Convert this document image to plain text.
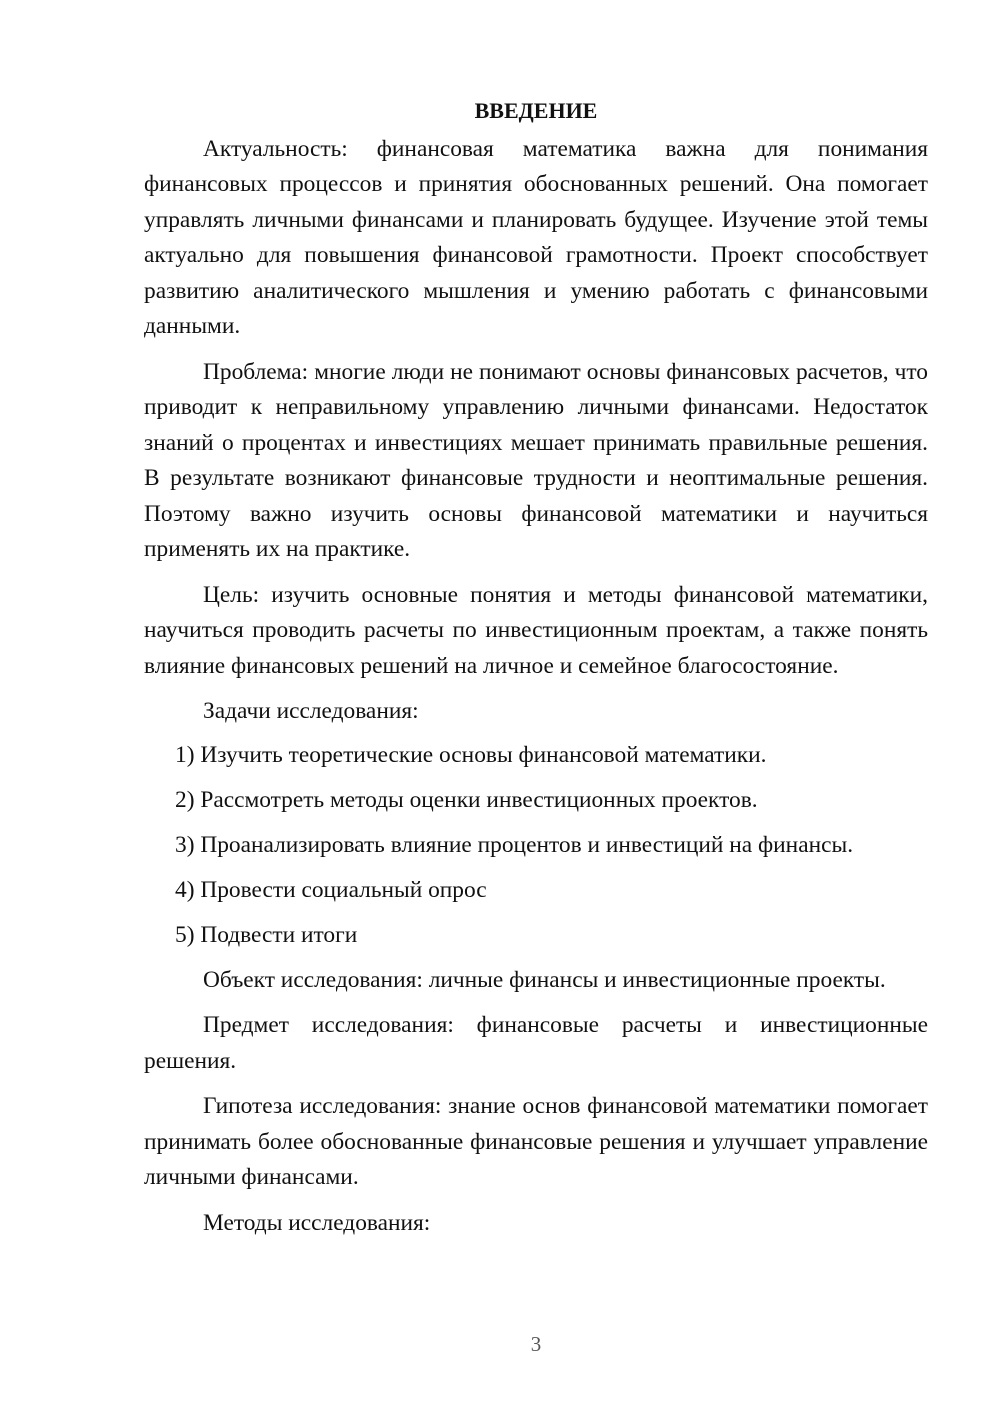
ВВЕДЕНИЕ

Актуальность: финансовая математика важна для понимания финансовых процессов и принятия обоснованных решений. Она помогает управлять личными финансами и планировать будущее. Изучение этой темы актуально для повышения финансовой грамотности. Проект способствует развитию аналитического мышления и умению работать с финансовыми данными.

Проблема: многие люди не понимают основы финансовых расчетов, что приводит к неправильному управлению личными финансами. Недостаток знаний о процентах и инвестициях мешает принимать правильные решения. В результате возникают финансовые трудности и неоптимальные решения. Поэтому важно изучить основы финансовой математики и научиться применять их на практике.

Цель: изучить основные понятия и методы финансовой математики, научиться проводить расчеты по инвестиционным проектам, а также понять влияние финансовых решений на личное и семейное благосостояние.

Задачи исследования:

1) Изучить теоретические основы финансовой математики.
2) Рассмотреть методы оценки инвестиционных проектов.
3) Проанализировать влияние процентов и инвестиций на финансы.
4) Провести социальный опрос
5) Подвести итоги

Объект исследования: личные финансы и инвестиционные проекты.

Предмет исследования: финансовые расчеты и инвестиционные решения.

Гипотеза исследования: знание основ финансовой математики помогает принимать более обоснованные финансовые решения и улучшает управление личными финансами.

Методы исследования:

3
